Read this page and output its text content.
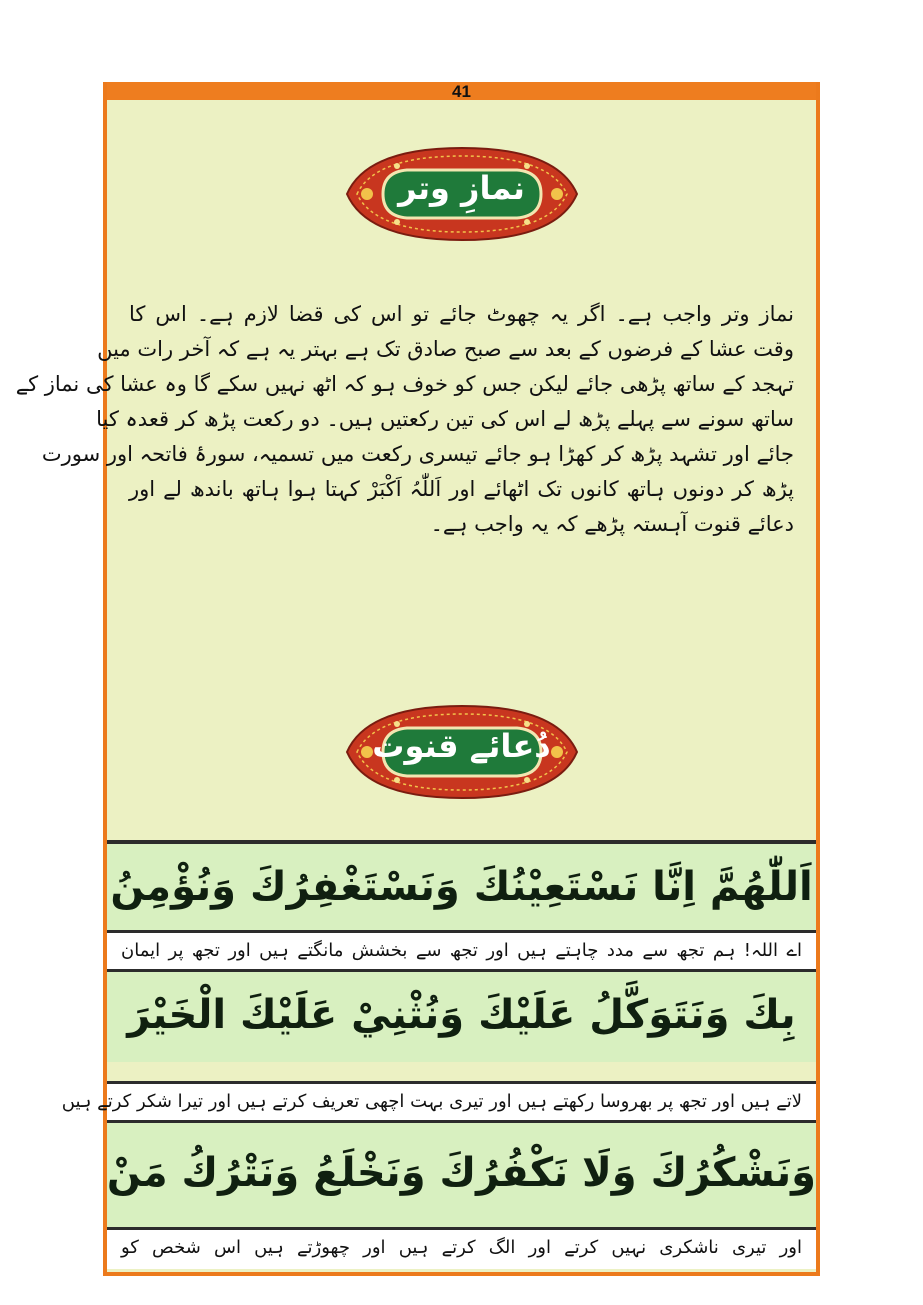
41
نمازِ وتر
نماز وتر واجب ہے۔ اگر یہ چھوٹ جائے تو اس کی قضا لازم ہے۔ اس کا
وقت عشا کے فرضوں کے بعد سے صبح صادق تک ہے بہتر یہ ہے کہ آخر رات میں
تہجد کے ساتھ پڑھی جائے لیکن جس کو خوف ہو کہ اٹھ نہیں سکے گا وہ عشا کی نماز کے
ساتھ سونے سے پہلے پڑھ لے اس کی تین رکعتیں ہیں۔ دو رکعت پڑھ کر قعدہ کیا
جائے اور تشہد پڑھ کر کھڑا ہو جائے تیسری رکعت میں تسمیہ، سورۂ فاتحہ اور سورت
پڑھ کر دونوں ہاتھ کانوں تک اٹھائے اور اَللّٰہُ اَکْبَرْ کہتا ہوا ہاتھ باندھ لے اور
دعائے قنوت آہستہ پڑھے کہ یہ واجب ہے۔
دُعائے قنوت
اَللّٰهُمَّ اِنَّا نَسْتَعِيْنُكَ وَنَسْتَغْفِرُكَ وَنُؤْمِنُ
اے اللہ! ہم تجھ سے مدد چاہتے ہیں اور تجھ سے بخشش مانگتے ہیں اور تجھ پر ایمان
بِكَ وَنَتَوَكَّلُ عَلَيْكَ وَنُثْنِيْ عَلَيْكَ الْخَيْرَ
لاتے ہیں اور تجھ پر بھروسا رکھتے ہیں اور تیری بہت اچھی تعریف کرتے ہیں اور تیرا شکر کرتے ہیں
وَنَشْكُرُكَ وَلَا نَكْفُرُكَ وَنَخْلَعُ وَنَتْرُكُ مَنْ
اور تیری ناشکری نہیں کرتے اور الگ کرتے ہیں اور چھوڑتے ہیں اس شخص کو
